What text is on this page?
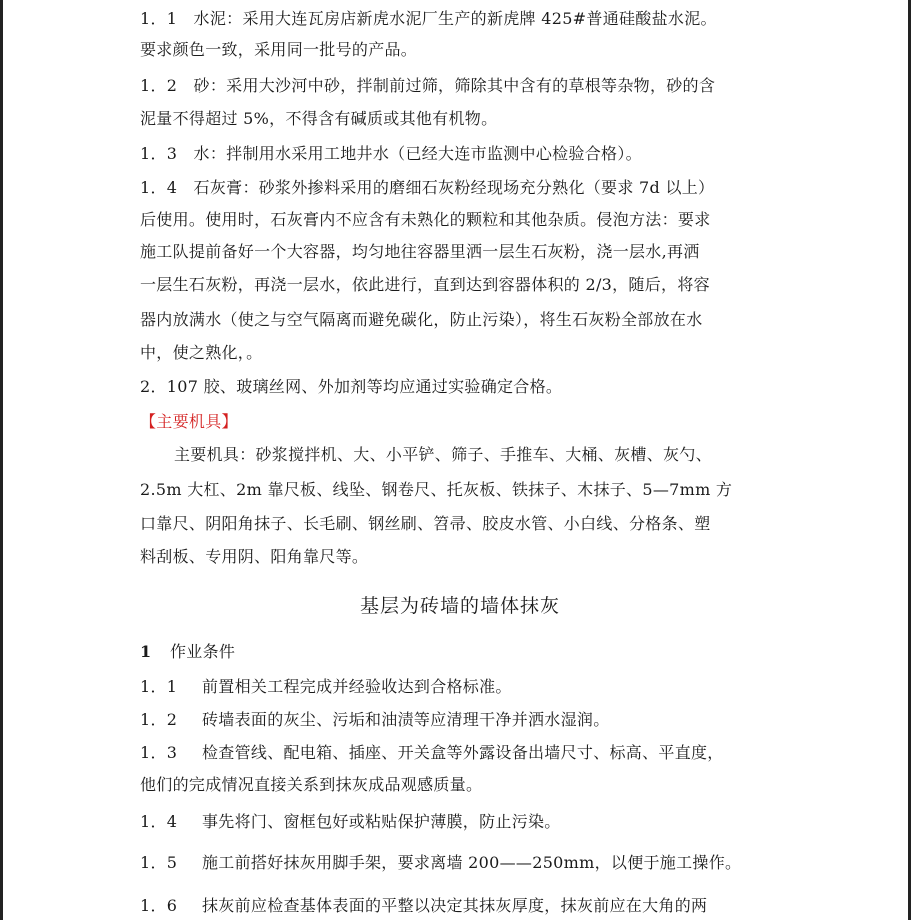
1．1　水泥：采用大连瓦房店新虎水泥厂生产的新虎牌 425#普通硅酸盐水泥。
要求颜色一致，采用同一批号的产品。
1．2　砂：采用大沙河中砂，拌制前过筛，筛除其中含有的草根等杂物，砂的含
泥量不得超过 5%，不得含有碱质或其他有机物。
1．3　水：拌制用水采用工地井水（已经大连市监测中心检验合格）。
1．4　石灰膏：砂浆外掺料采用的磨细石灰粉经现场充分熟化（要求 7d 以上）
后使用。使用时，石灰膏内不应含有未熟化的颗粒和其他杂质。侵泡方法：要求
施工队提前备好一个大容器，均匀地往容器里洒一层生石灰粉，浇一层水,再洒
一层生石灰粉，再浇一层水，依此进行，直到达到容器体积的 2/3，随后，将容
器内放满水（使之与空气隔离而避免碳化，防止污染），将生石灰粉全部放在水
中，使之熟化，。
2．107 胶、玻璃丝网、外加剂等均应通过实验确定合格。
【主要机具】
主要机具：砂浆搅拌机、大、小平铲、筛子、手推车、大桶、灰槽、灰勺、
2.5m 大杠、2m 靠尺板、线坠、钢卷尺、托灰板、铁抹子、木抹子、5—7mm 方
口靠尺、阴阳角抹子、长毛刷、钢丝刷、笤帚、胶皮水管、小白线、分格条、塑
料刮板、专用阴、阳角靠尺等。
基层为砖墙的墙体抹灰
1 作业条件
1．1 前置相关工程完成并经验收达到合格标准。
1．2 砖墙表面的灰尘、污垢和油渍等应清理干净并洒水湿润。
1．3 检查管线、配电箱、插座、开关盒等外露设备出墙尺寸、标高、平直度，
他们的完成情况直接关系到抹灰成品观感质量。
1．4 事先将门、窗框包好或粘贴保护薄膜，防止污染。
1．5 施工前搭好抹灰用脚手架，要求离墙 200——250mm，以便于施工操作。
1．6 抹灰前应检查基体表面的平整以决定其抹灰厚度，抹灰前应在大角的两
